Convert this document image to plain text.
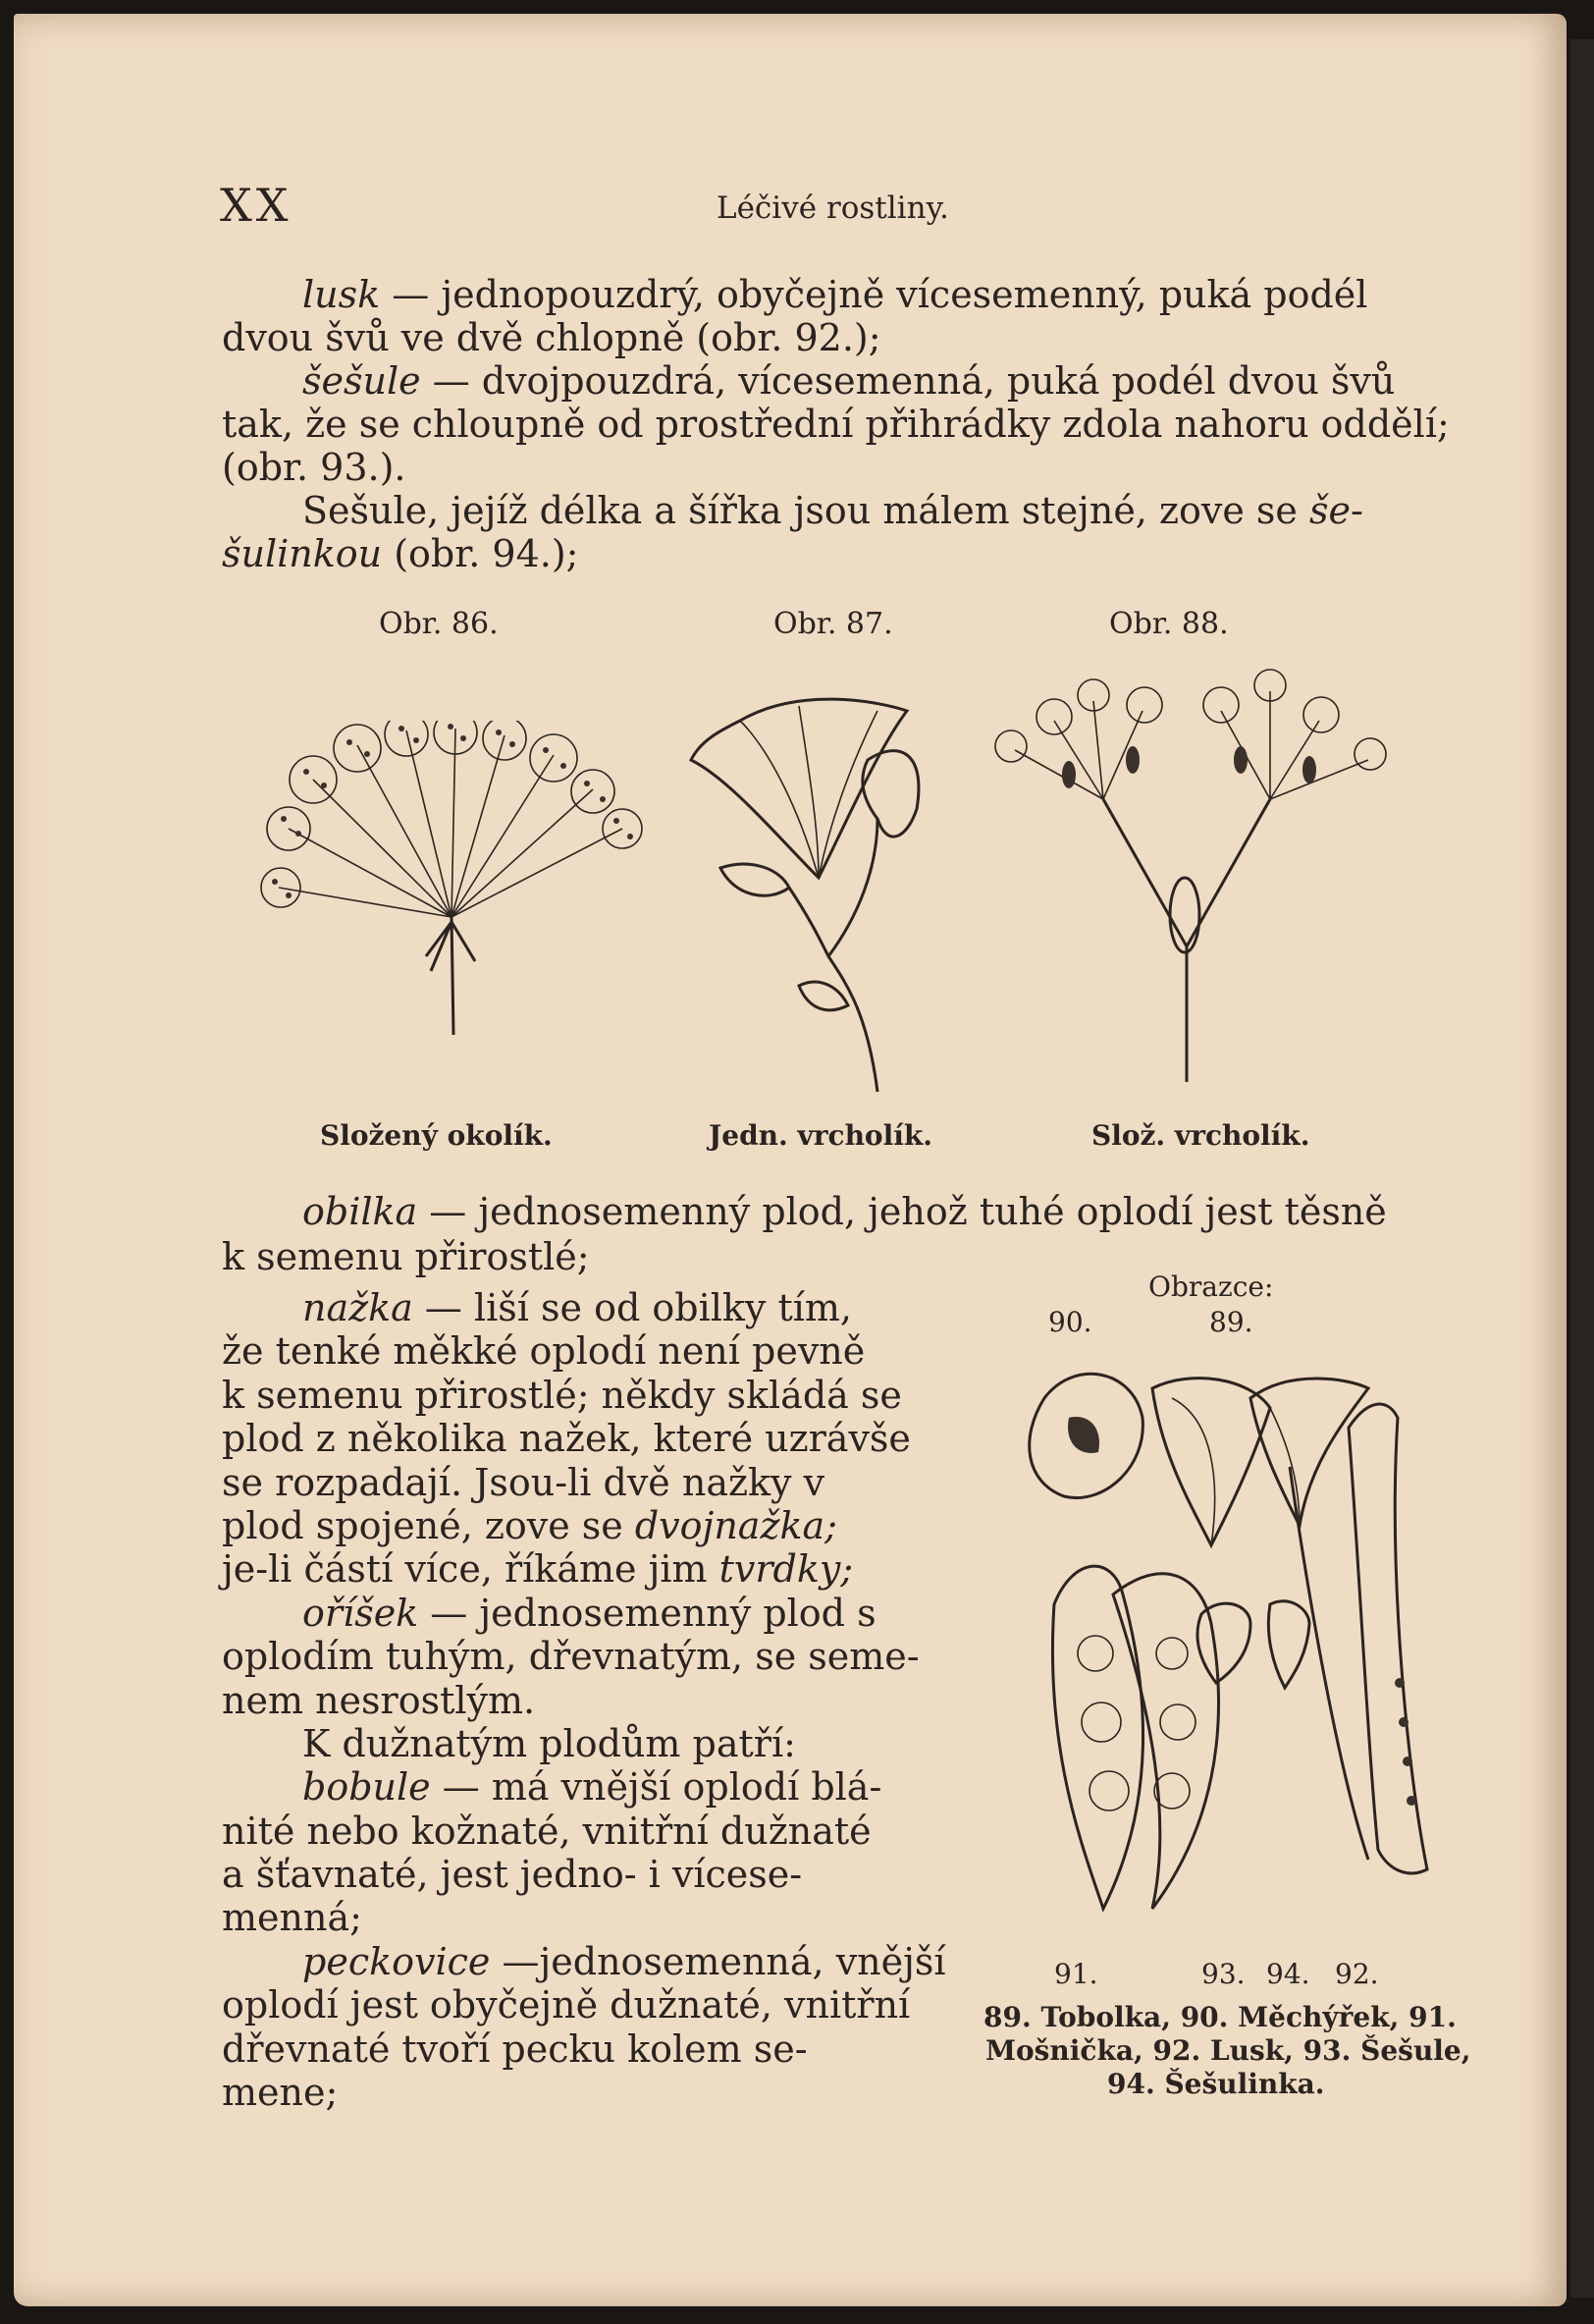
XX	Léčivé rostliny.
lusk — jednopouzdrý, obyčejně vícesemenný, puká podél
dvou švů ve dvě chlopně (obr. 92.);
šešule — dvojpouzdrá, vícesemenná, puká podél dvou švů
tak, že se chloupně od prostřední přihrádky zdola nahoru oddělí;
(obr. 93.).
Sešule, jejíž délka a šířka jsou málem stejné, zove se še-
šulinkou (obr. 94.);
Obr. 86.	Obr. 87.	Obr. 88.
Složený okolík.	Jedn. vrcholík.	Slož. vrcholík.
obilka — jednosemenný plod, jehož tuhé oplodí jest těsně
k semenu přirostlé;
nažka — liší se od obilky tím,
že tenké měkké oplodí není pevně
k semenu přirostlé; někdy skládá se
plod z několika nažek, které uzrávše
se rozpadají. Jsou-li dvě nažky v
plod spojené, zove se dvojnažka;
je-li částí více, říkáme jim tvrdky;
oříšek — jednosemenný plod s
oplodím tuhým, dřevnatým, se seme-
nem nesrostlým.
K dužnatým plodům patří:
bobule — má vnější oplodí blá-
nité nebo kožnaté, vnitřní dužnaté
a šťavnaté, jest jedno- i vícese-
menná;
peckovice —jednosemenná, vnější
oplodí jest obyčejně dužnaté, vnitřní
dřevnaté tvoří pecku kolem se-
mene;
Obrazce:
90.	89.
91.	93. 94. 92.
89. Tobolka, 90. Měchýřek, 91.
Mošnička, 92. Lusk, 93. Šešule,
94. Šešulinka.
